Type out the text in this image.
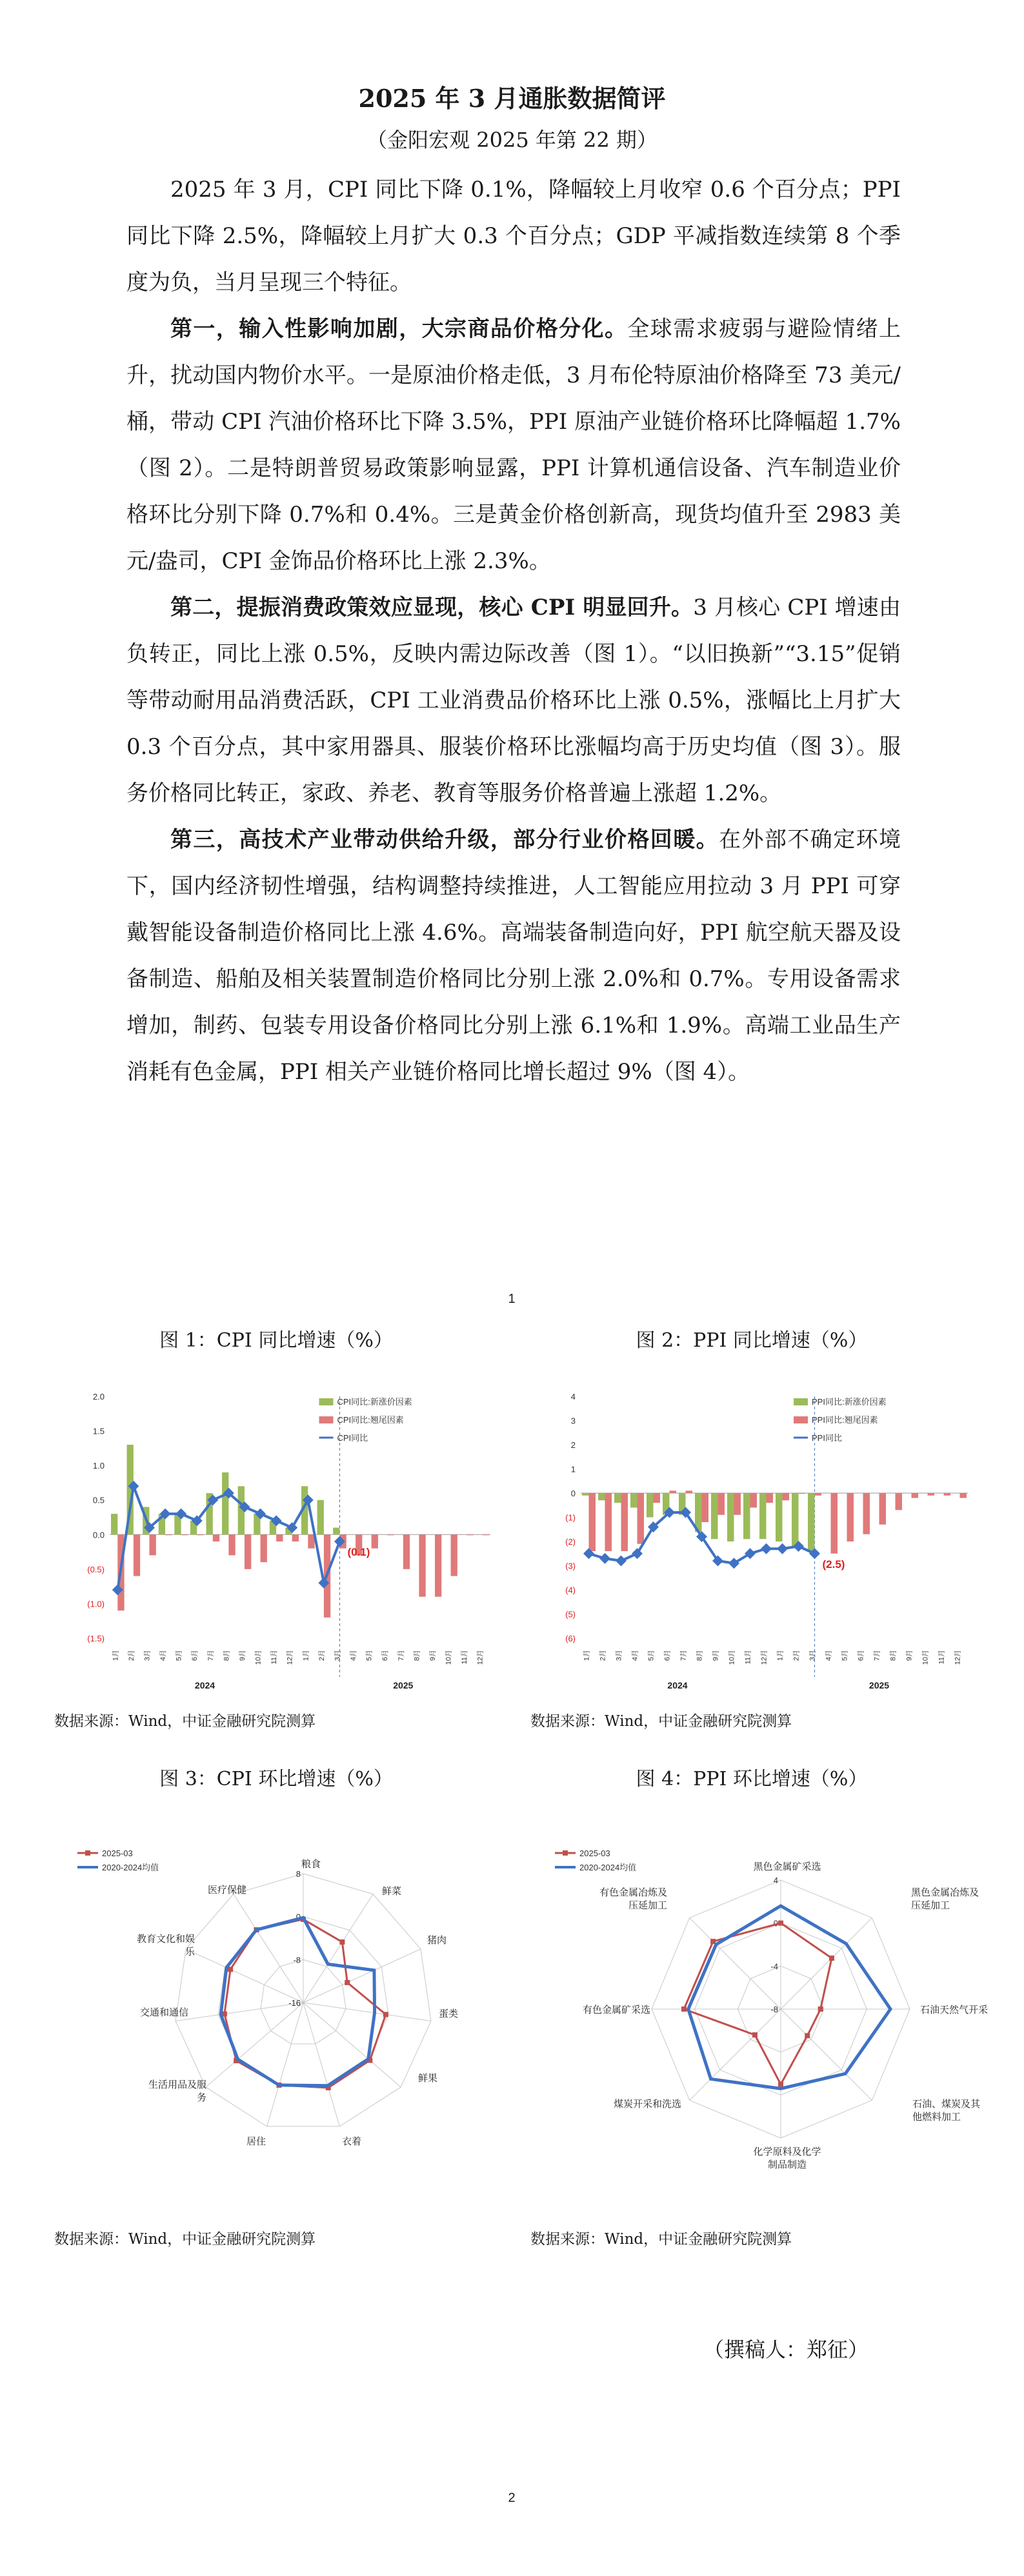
2025 年 3 月通胀数据简评
（金阳宏观 2025 年第 22 期）

2025 年 3 月，CPI 同比下降 0.1%，降幅较上月收窄 0.6 个百分点；PPI 同比下降 2.5%，降幅较上月扩大 0.3 个百分点；GDP 平减指数连续第 8 个季度为负，当月呈现三个特征。

第一，输入性影响加剧，大宗商品价格分化。全球需求疲弱与避险情绪上升，扰动国内物价水平。一是原油价格走低，3 月布伦特原油价格降至 73 美元/桶，带动 CPI 汽油价格环比下降 3.5%，PPI 原油产业链价格环比降幅超 1.7%（图 2）。二是特朗普贸易政策影响显露，PPI 计算机通信设备、汽车制造业价格环比分别下降 0.7%和 0.4%。三是黄金价格创新高，现货均值升至 2983 美元/盎司，CPI 金饰品价格环比上涨 2.3%。

第二，提振消费政策效应显现，核心 CPI 明显回升。3 月核心 CPI 增速由负转正，同比上涨 0.5%，反映内需边际改善（图 1）。“以旧换新”“3.15”促销等带动耐用品消费活跃，CPI 工业消费品价格环比上涨 0.5%，涨幅比上月扩大 0.3 个百分点，其中家用器具、服装价格环比涨幅均高于历史均值（图 3）。服务价格同比转正，家政、养老、教育等服务价格普遍上涨超 1.2%。

第三，高技术产业带动供给升级，部分行业价格回暖。在外部不确定环境下，国内经济韧性增强，结构调整持续推进，人工智能应用拉动 3 月 PPI 可穿戴智能设备制造价格同比上涨 4.6%。高端装备制造向好，PPI 航空航天器及设备制造、船舶及相关装置制造价格同比分别上涨 2.0%和 0.7%。专用设备需求增加，制药、包装专用设备价格同比分别上涨 6.1%和 1.9%。高端工业品生产消耗有色金属，PPI 相关产业链价格同比增长超过 9%（图 4）。

1
图 1：CPI 同比增速（%）	图 2：PPI 同比增速（%）
2.0
1.5
1.0
0.5
0.0
(0.5)
(1.0)
(1.5)
1月 2月 3月 4月 5月 6月 7月 8月 9月 10月 11月 12月 1月 2月 3月 4月 5月 6月 7月 8月 9月 10月 11月 12月
(0.1)
2024	2025
CPI同比:新涨价因素
CPI同比:翘尾因素
CPI同比
4
3
2
1
0
(1)
(2)
(3)
(4)
(5)
(6)
1月 2月 3月 4月 5月 6月 7月 8月 9月 10月 11月 12月 1月 2月 3月 4月 5月 6月 7月 8月 9月 10月 11月 12月
(2.5)
2024	2025
PPI同比:新涨价因素
PPI同比:翘尾因素
PPI同比
数据来源：Wind，中证金融研究院测算	数据来源：Wind，中证金融研究院测算
图 3：CPI 环比增速（%）	图 4：PPI 环比增速（%）
8
0
-8
-16
粮食
鲜菜
猪肉
蛋类
鲜果
衣着
居住
生活用品及服务
交通和通信
教育文化和娱乐
医疗保健
2025-03
2020-2024均值
4
0
-4
-8
黑色金属矿采选
黑色金属冶炼及压延加工
石油天然气开采
石油、煤炭及其他燃料加工
化学原料及化学制品制造
煤炭开采和洗选
有色金属矿采选
有色金属冶炼及压延加工
2025-03
2020-2024均值
数据来源：Wind，中证金融研究院测算	数据来源：Wind，中证金融研究院测算
（撰稿人：郑征）
2
